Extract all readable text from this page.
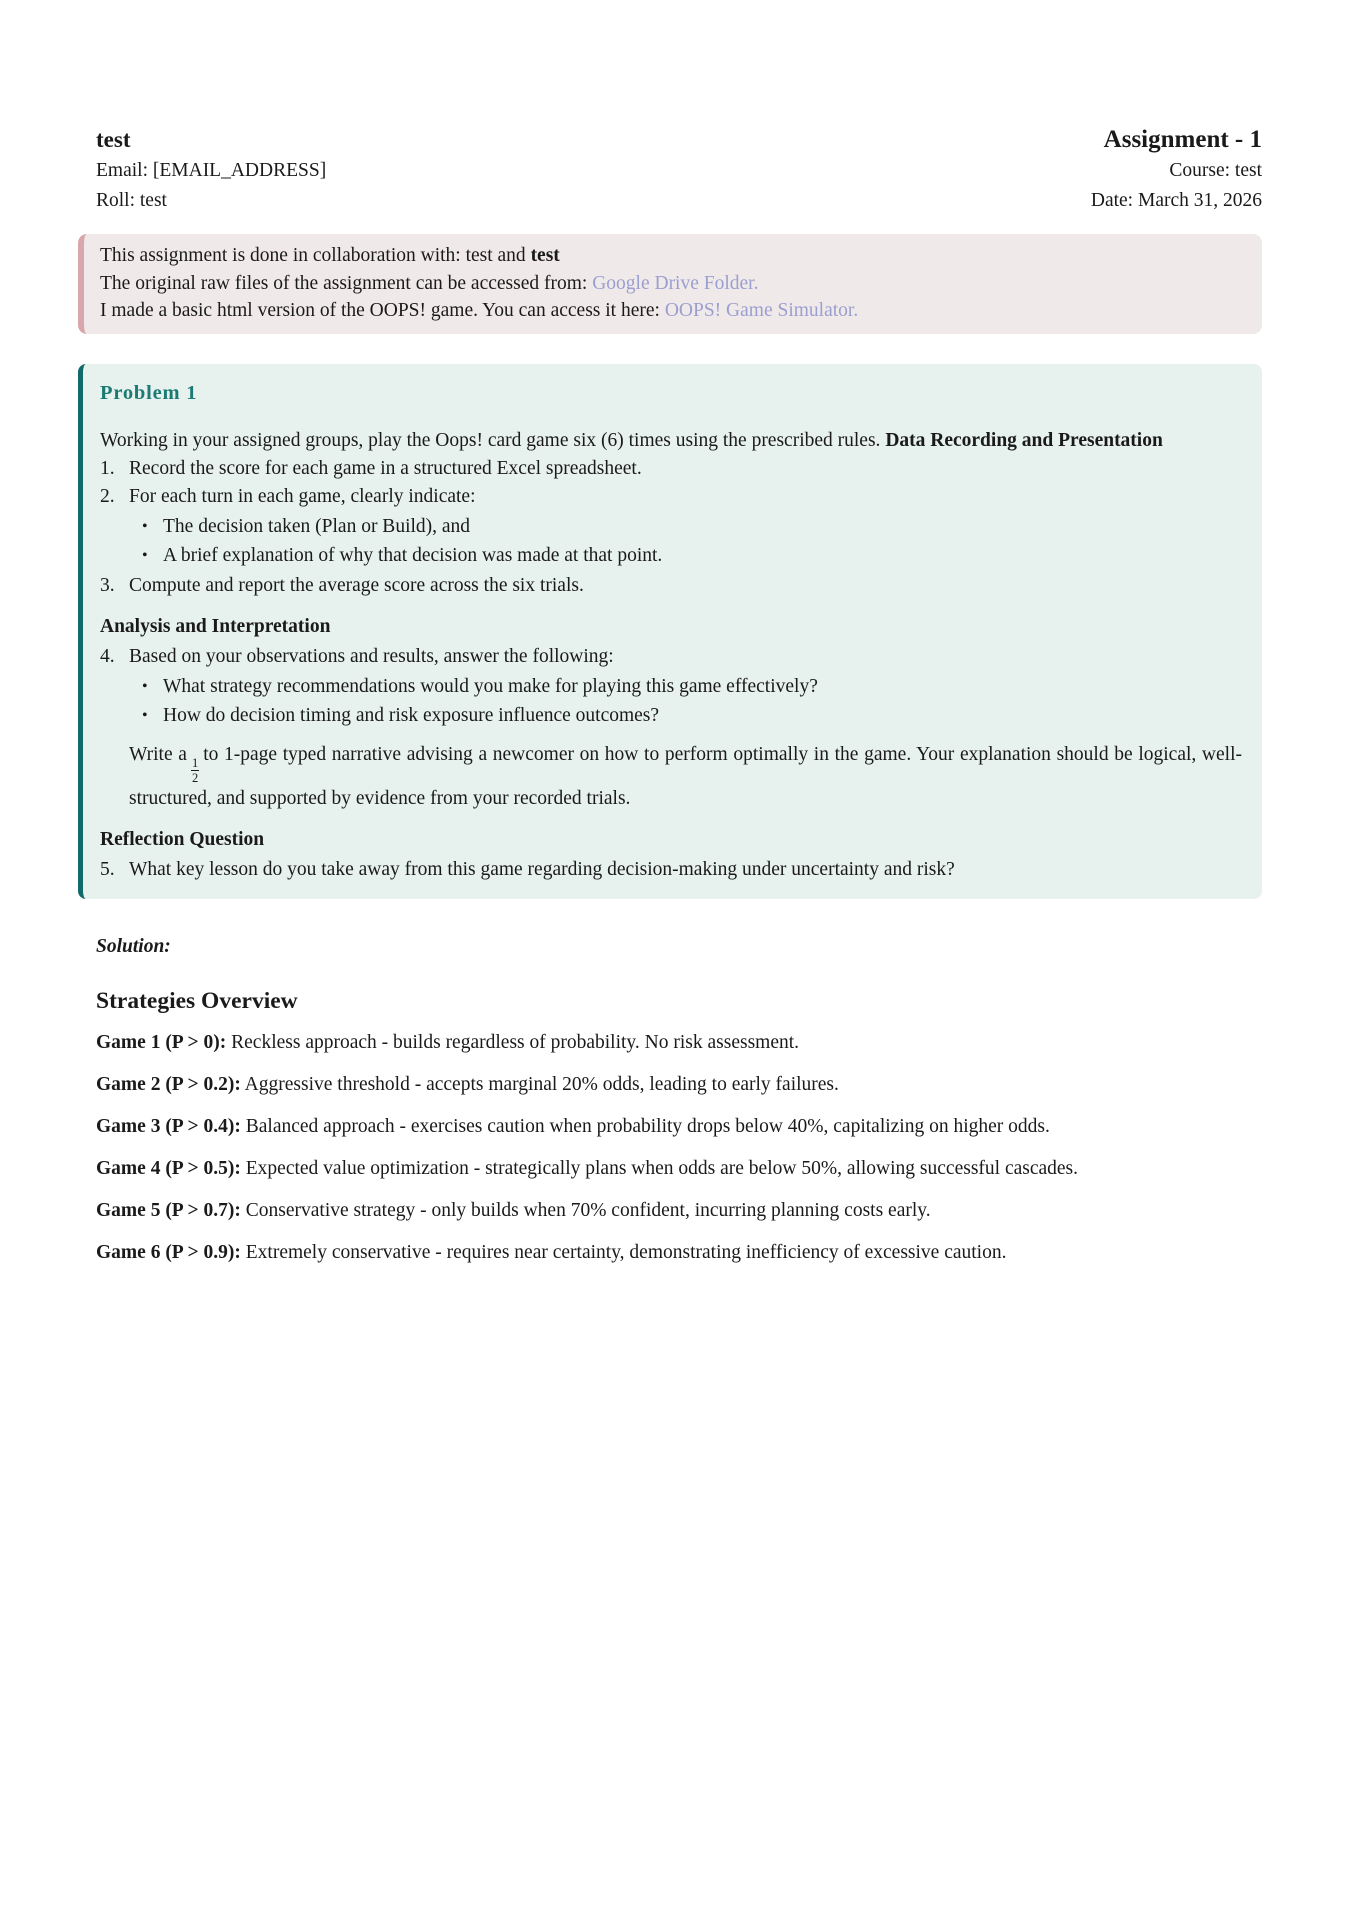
test
Email: [EMAIL_ADDRESS]
Roll: test
Assignment - 1
Course: test
Date: March 31, 2026
This assignment is done in collaboration with: test and test
The original raw files of the assignment can be accessed from: Google Drive Folder.
I made a basic html version of the OOPS! game. You can access it here: OOPS! Game Simulator.
Problem 1
Working in your assigned groups, play the Oops! card game six (6) times using the prescribed rules. Data Recording and Presentation
1. Record the score for each game in a structured Excel spreadsheet.
2. For each turn in each game, clearly indicate:
• The decision taken (Plan or Build), and
• A brief explanation of why that decision was made at that point.
3. Compute and report the average score across the six trials.
Analysis and Interpretation
4. Based on your observations and results, answer the following:
• What strategy recommendations would you make for playing this game effectively?
• How do decision timing and risk exposure influence outcomes?
Write a
$\frac{1}{2}$
to 1-page typed narrative advising a newcomer on how to perform optimally in the game. Your explanation should be logical, well-structured, and supported by evidence from your recorded trials.
Reflection Question
5. What key lesson do you take away from this game regarding decision-making under uncertainty and risk?
Solution:
Strategies Overview
Game 1 (P > 0): Reckless approach - builds regardless of probability. No risk assessment.
Game 2 (P > 0.2): Aggressive threshold - accepts marginal 20% odds, leading to early failures.
Game 3 (P > 0.4): Balanced approach - exercises caution when probability drops below 40%, capitalizing on higher odds.
Game 4 (P > 0.5): Expected value optimization - strategically plans when odds are below 50%, allowing successful cascades.
Game 5 (P > 0.7): Conservative strategy - only builds when 70% confident, incurring planning costs early.
Game 6 (P > 0.9): Extremely conservative - requires near certainty, demonstrating inefficiency of excessive caution.
